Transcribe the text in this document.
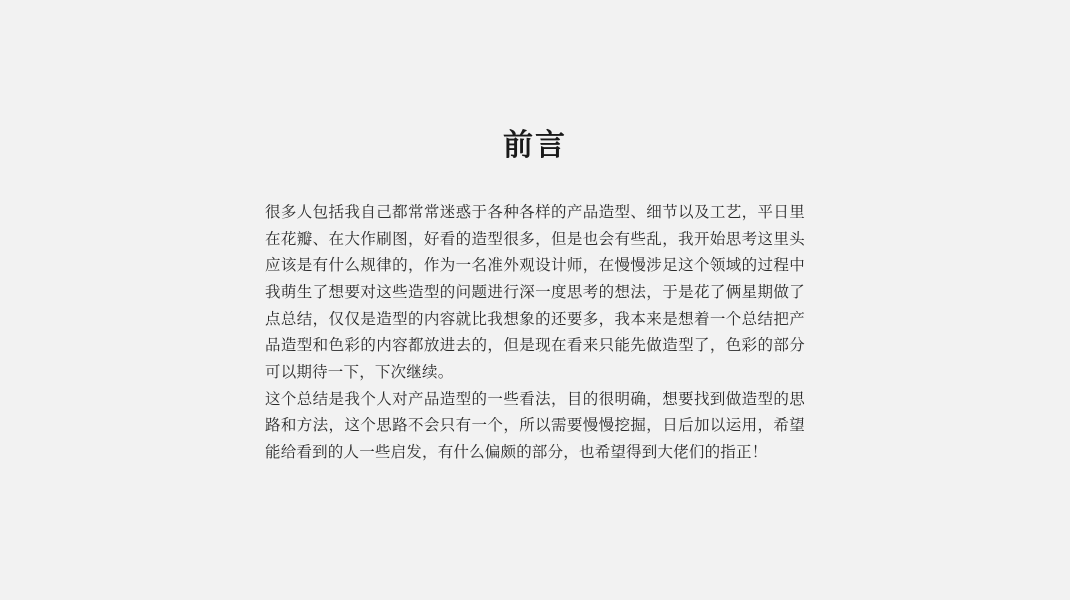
前言

很多人包括我自己都常常迷惑于各种各样的产品造型、细节以及工艺，平日里在花瓣、在大作刷图，好看的造型很多，但是也会有些乱，我开始思考这里头应该是有什么规律的，作为一名准外观设计师，在慢慢涉足这个领域的过程中我萌生了想要对这些造型的问题进行深一度思考的想法，于是花了俩星期做了点总结，仅仅是造型的内容就比我想象的还要多，我本来是想着一个总结把产品造型和色彩的内容都放进去的，但是现在看来只能先做造型了，色彩的部分可以期待一下，下次继续。

这个总结是我个人对产品造型的一些看法，目的很明确，想要找到做造型的思路和方法，这个思路不会只有一个，所以需要慢慢挖掘，日后加以运用，希望能给看到的人一些启发，有什么偏颇的部分，也希望得到大佬们的指正！
